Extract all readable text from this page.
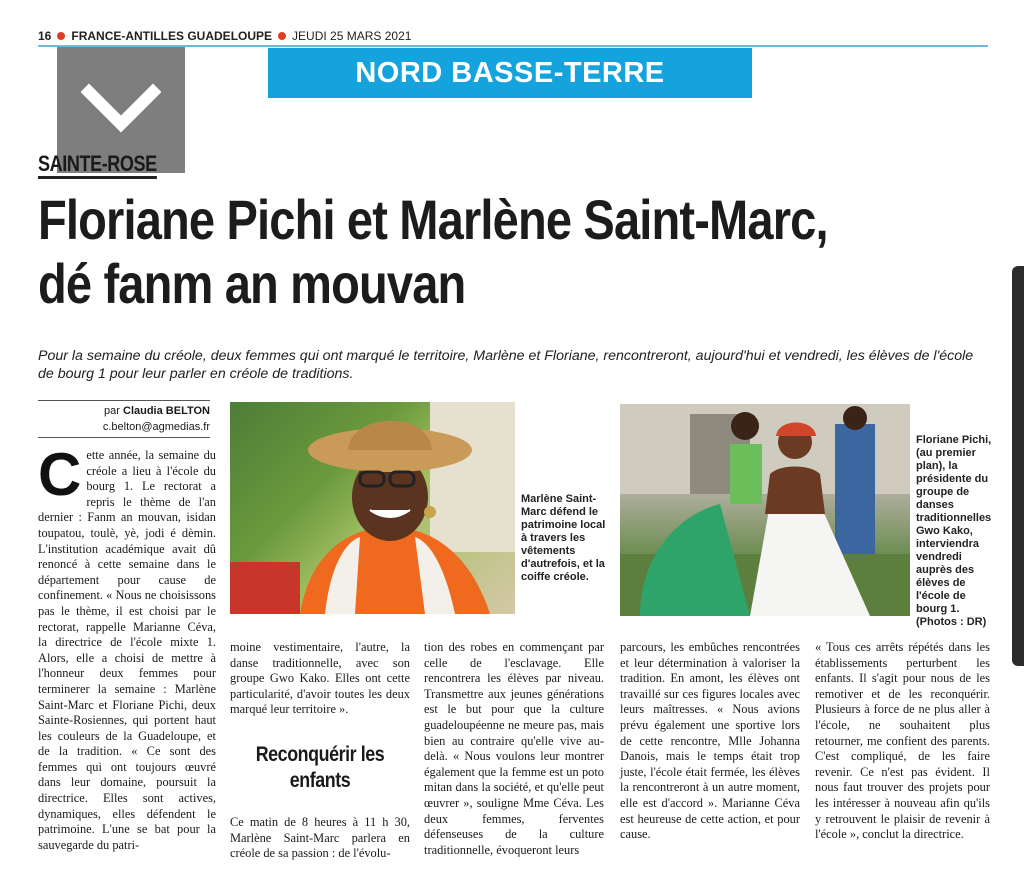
16 FRANCE-ANTILLES GUADELOUPE JEUDI 25 MARS 2021
NORD BASSE-TERRE
SAINTE-ROSE
Floriane Pichi et Marlène Saint-Marc,
dé fanm an mouvan
Pour la semaine du créole, deux femmes qui ont marqué le territoire, Marlène et Floriane, rencontreront, aujourd'hui et vendredi, les élèves de l'école de bourg 1 pour leur parler en créole de traditions.
par Claudia BELTON
c.belton@agmedias.fr
C ette année, la semaine du créole a lieu à l'école du bourg 1. Le rectorat a repris le thème de l'an dernier : Fanm an mouvan, isidan toupatou, toulè, yè, jodi é dèmin. L'institution académique avait dû renoncé à cette semaine dans le département pour cause de confinement. « Nous ne choisissons pas le thème, il est choisi par le rectorat, rappelle Marianne Céva, la directrice de l'école mixte 1. Alors, elle a choisi de mettre à l'honneur deux femmes pour terminerer la semaine : Marlène Saint-Marc et Floriane Pichi, deux Sainte-Rosiennes, qui portent haut les couleurs de la Guadeloupe, et de la tradition. « Ce sont des femmes qui ont toujours œuvré dans leur domaine, poursuit la directrice. Elles sont actives, dynamiques, elles défendent le patrimoine. L'une se bat pour la sauvegarde du patri-
Marlène Saint-Marc défend le patrimoine local à travers les vêtements d'autrefois, et la coiffe créole.
Floriane Pichi, (au premier plan), la présidente du groupe de danses traditionnelles Gwo Kako, interviendra vendredi auprès des élèves de l'école de bourg 1. (Photos : DR)

moine vestimentaire, l'autre, la danse traditionnelle, avec son groupe Gwo Kako. Elles ont cette particularité, d'avoir toutes les deux marqué leur territoire ».

Reconquérir les enfants

Ce matin de 8 heures à 11 h 30, Marlène Saint-Marc parlera en créole de sa passion : de l'évolu-

tion des robes en commençant par celle de l'esclavage. Elle rencontrera les élèves par niveau. Transmettre aux jeunes générations est le but pour que la culture guadeloupéenne ne meure pas, mais bien au contraire qu'elle vive au-delà. « Nous voulons leur montrer également que la femme est un poto mitan dans la société, et qu'elle peut œuvrer », souligne Mme Céva. Les deux femmes, ferventes défenseuses de la culture traditionnelle, évoqueront leurs

parcours, les embûches rencontrées et leur détermination à valoriser la tradition. En amont, les élèves ont travaillé sur ces figures locales avec leurs maîtresses. « Nous avions prévu également une sportive lors de cette rencontre, Mlle Johanna Danois, mais le temps était trop juste, l'école était fermée, les élèves la rencontreront à un autre moment, elle est d'accord ». Marianne Céva est heureuse de cette action, et pour cause.

« Tous ces arrêts répétés dans les établissements perturbent les enfants. Il s'agit pour nous de les remotiver et de les reconquérir. Plusieurs à force de ne plus aller à l'école, ne souhaitent plus retourner, me confient des parents. C'est compliqué, de les faire revenir. Ce n'est pas évident. Il nous faut trouver des projets pour les intéresser à nouveau afin qu'ils y retrouvent le plaisir de revenir à l'école », conclut la directrice.
